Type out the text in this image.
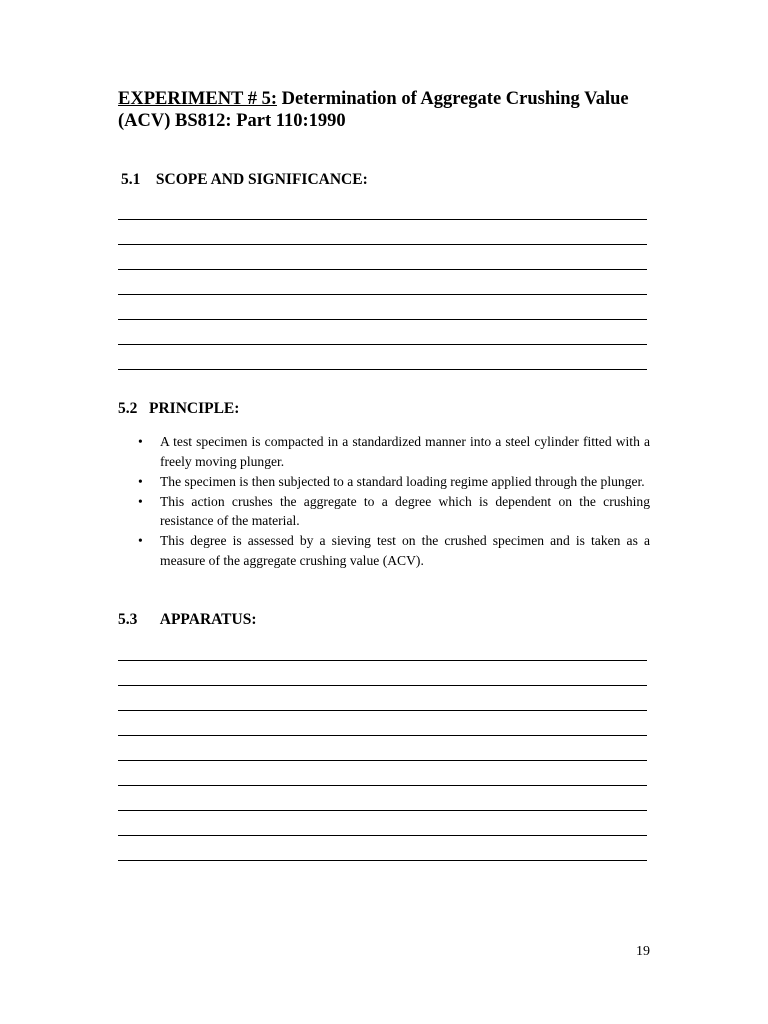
EXPERIMENT # 5: Determination of Aggregate Crushing Value (ACV) BS812: Part 110:1990
5.1    SCOPE AND SIGNIFICANCE:
5.2   PRINCIPLE:
• A test specimen is compacted in a standardized manner into a steel cylinder fitted with a freely moving plunger.
• The specimen is then subjected to a standard loading regime applied through the plunger.
• This action crushes the aggregate to a degree which is dependent on the crushing resistance of the material.
• This degree is assessed by a sieving test on the crushed specimen and is taken as a measure of the aggregate crushing value (ACV).
5.3      APPARATUS:
19
